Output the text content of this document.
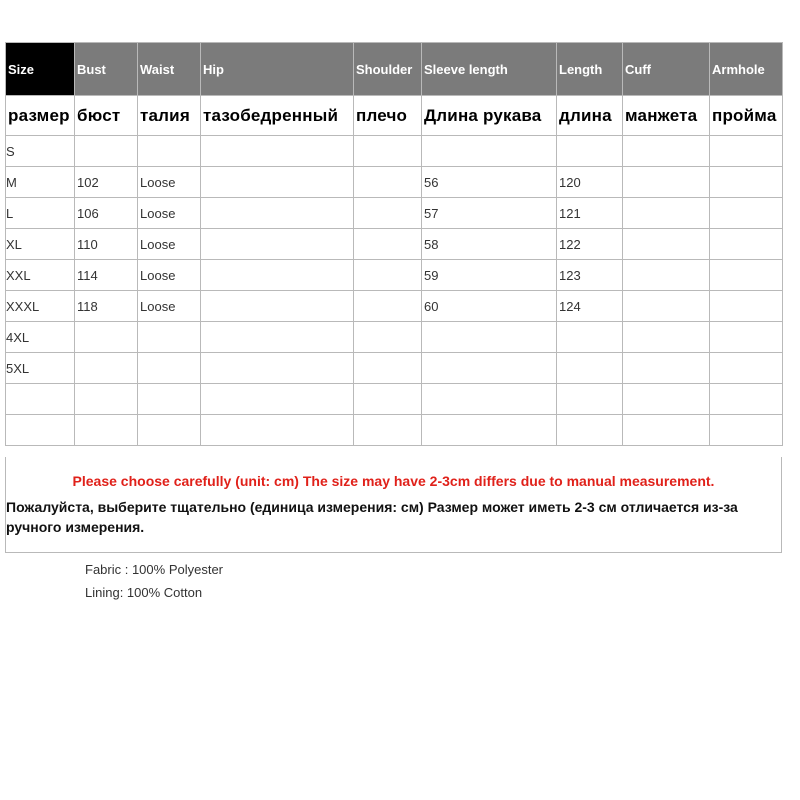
Size	Bust	Waist	Hip	Shoulder	Sleeve length	Length	Cuff	Armhole
размер	бюст	талия	тазобедренный	плечо	Длина рукава	длина	манжета	пройма
S								
M	102	Loose			56	120		
L	106	Loose			57	121		
XL	110	Loose			58	122		
XXL	114	Loose			59	123		
XXXL	118	Loose			60	124		
4XL								
5XL								

Please choose carefully (unit: cm) The size may have 2-3cm differs due to manual measurement.
Пожалуйста, выберите тщательно (единица измерения: см) Размер может иметь 2-3 см отличается из-за ручного измерения.
Fabric : 100% Polyester
Lining: 100% Cotton
